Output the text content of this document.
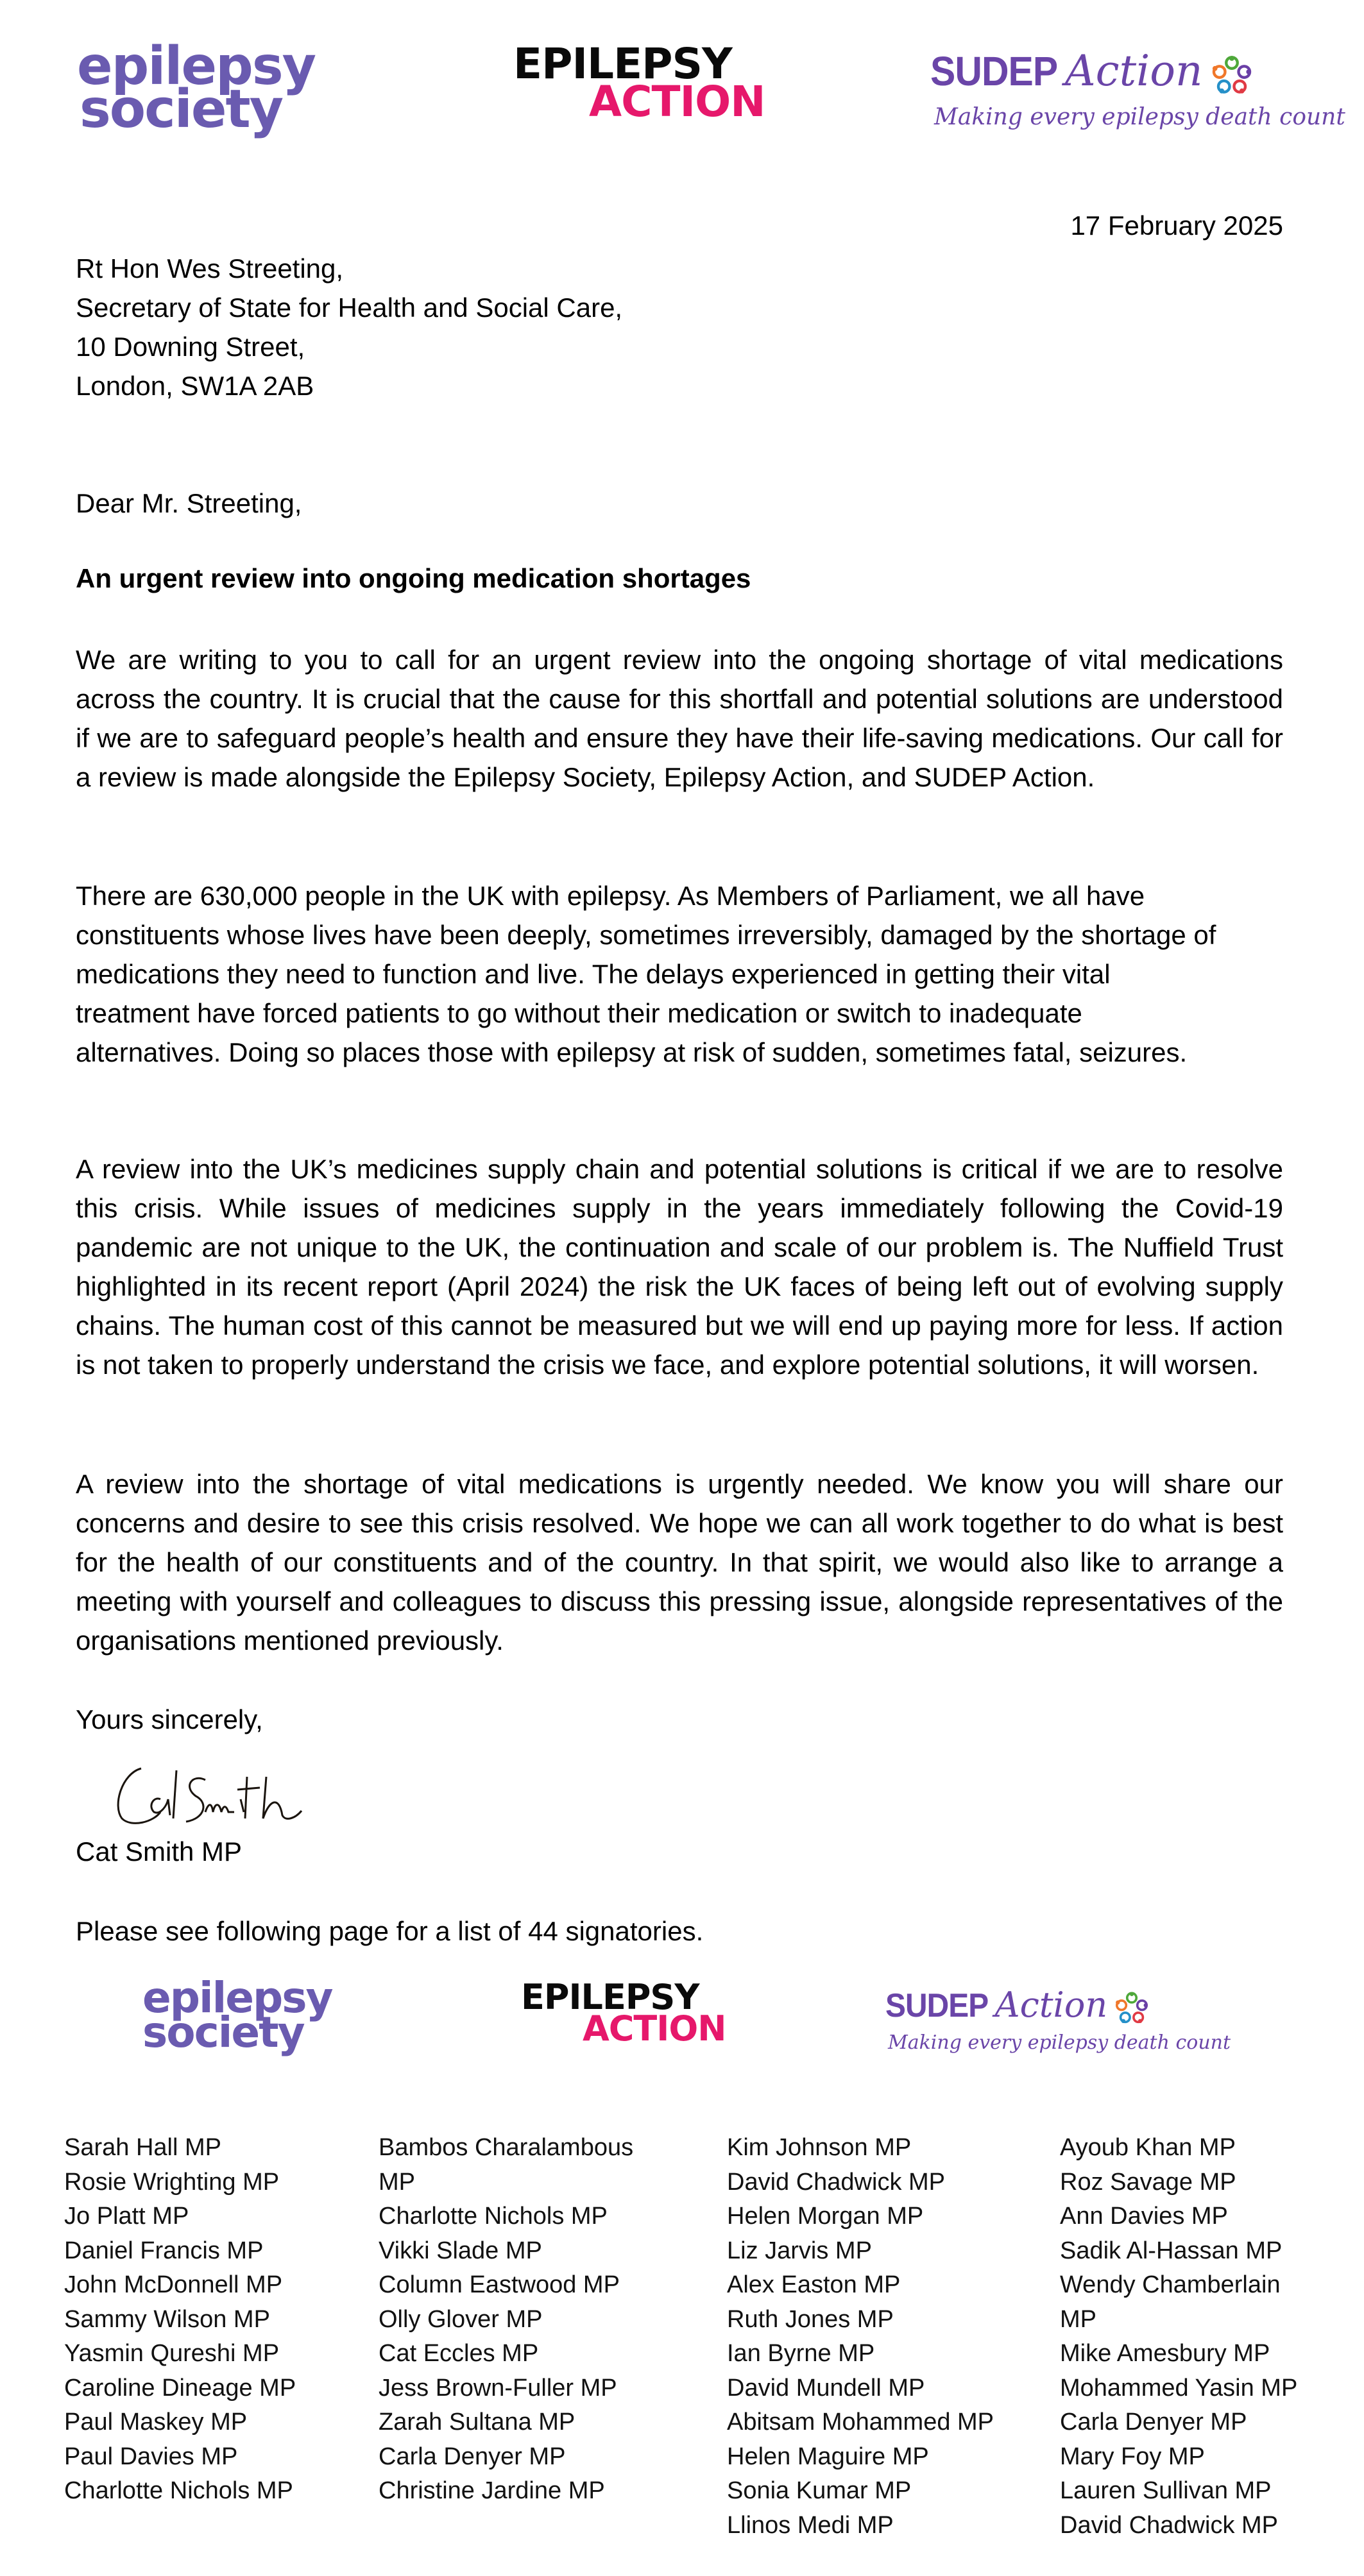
epilepsy
society
EPILEPSY
ACTION
SUDEP Action
Making every epilepsy death count
17 February 2025
Rt Hon Wes Streeting,
Secretary of State for Health and Social Care,
10 Downing Street,
London, SW1A 2AB
Dear Mr. Streeting,
An urgent review into ongoing medication shortages
We are writing to you to call for an urgent review into the ongoing shortage of vital medications across the country. It is crucial that the cause for this shortfall and potential solutions are understood if we are to safeguard people’s health and ensure they have their life-saving medications. Our call for a review is made alongside the Epilepsy Society, Epilepsy Action, and SUDEP Action.
There are 630,000 people in the UK with epilepsy. As Members of Parliament, we all have constituents whose lives have been deeply, sometimes irreversibly, damaged by the shortage of medications they need to function and live. The delays experienced in getting their vital treatment have forced patients to go without their medication or switch to inadequate alternatives. Doing so places those with epilepsy at risk of sudden, sometimes fatal, seizures.
A review into the UK’s medicines supply chain and potential solutions is critical if we are to resolve this crisis. While issues of medicines supply in the years immediately following the Covid-19 pandemic are not unique to the UK, the continuation and scale of our problem is. The Nuffield Trust highlighted in its recent report (April 2024) the risk the UK faces of being left out of evolving supply chains. The human cost of this cannot be measured but we will end up paying more for less. If action is not taken to properly understand the crisis we face, and explore potential solutions, it will worsen.
A review into the shortage of vital medications is urgently needed. We know you will share our concerns and desire to see this crisis resolved. We hope we can all work together to do what is best for the health of our constituents and of the country. In that spirit, we would also like to arrange a meeting with yourself and colleagues to discuss this pressing issue, alongside representatives of the organisations mentioned previously.
Yours sincerely,
Cat Smith MP
Please see following page for a list of 44 signatories.
epilepsy
society
EPILEPSY
ACTION
SUDEP Action
Making every epilepsy death count
Sarah Hall MP
Rosie Wrighting MP
Jo Platt MP
Daniel Francis MP
John McDonnell MP
Sammy Wilson MP
Yasmin Qureshi MP
Caroline Dineage MP
Paul Maskey MP
Paul Davies MP
Charlotte Nichols MP
Bambos Charalambous
MP
Charlotte Nichols MP
Vikki Slade MP
Column Eastwood MP
Olly Glover MP
Cat Eccles MP
Jess Brown-Fuller MP
Zarah Sultana MP
Carla Denyer MP
Christine Jardine MP
Kim Johnson MP
David Chadwick MP
Helen Morgan MP
Liz Jarvis MP
Alex Easton MP
Ruth Jones MP
Ian Byrne MP
David Mundell MP
Abitsam Mohammed MP
Helen Maguire MP
Sonia Kumar MP
Llinos Medi MP
Ayoub Khan MP
Roz Savage MP
Ann Davies MP
Sadik Al-Hassan MP
Wendy Chamberlain
MP
Mike Amesbury MP
Mohammed Yasin MP
Carla Denyer MP
Mary Foy MP
Lauren Sullivan MP
David Chadwick MP
